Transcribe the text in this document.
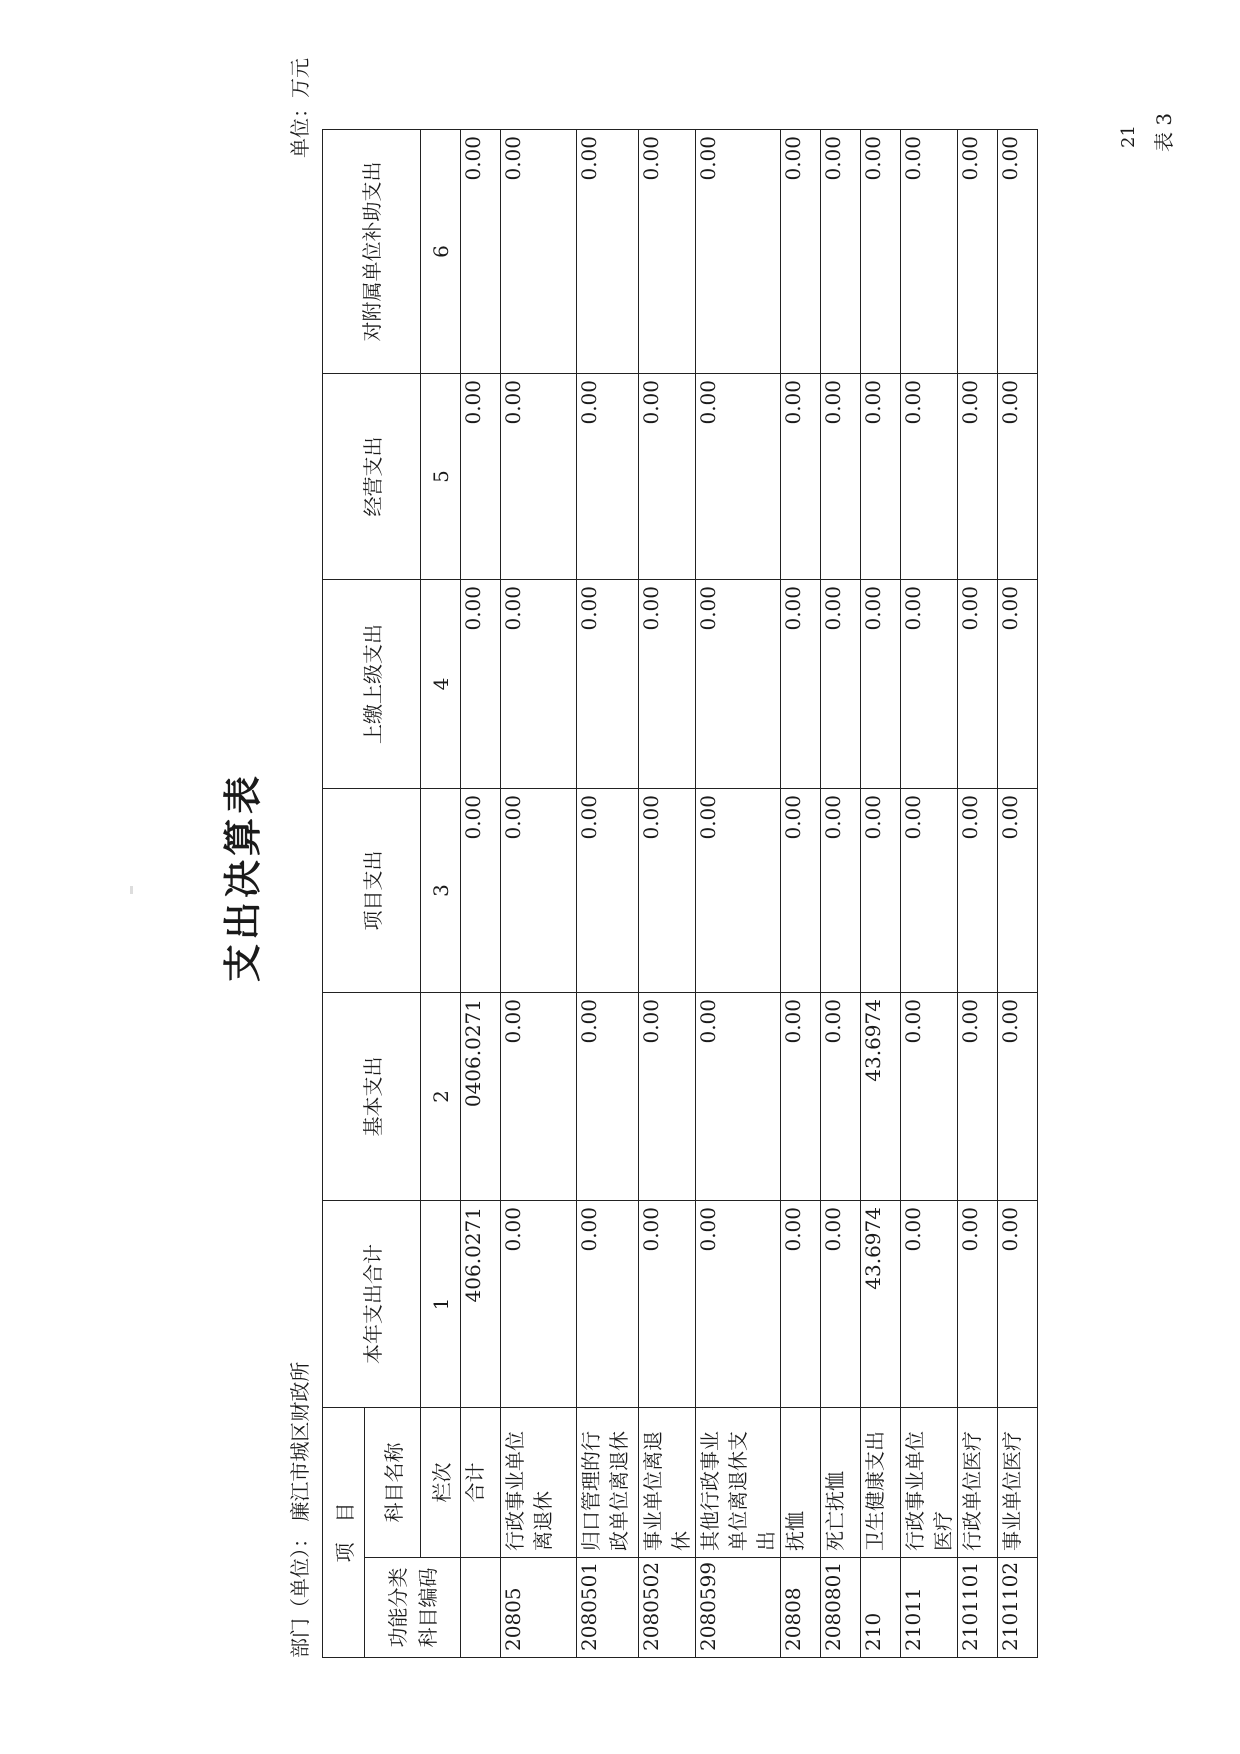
表 3
21
支出决算表
部门（单位）： 廉江市城区财政所
单位：万元
项　目		本年支出合计	基本支出	项目支出	上缴上级支出	经营支出	对附属单位补助支出
功能分类科目编码	科目名称						
	栏次	1	2	3	4	5	6
	合计	406.0271	0406.0271	0.00	0.00	0.00	0.00
20805	行政事业单位离退休	0.00	0.00	0.00	0.00	0.00	0.00
2080501	归口管理的行政单位离退休	0.00	0.00	0.00	0.00	0.00	0.00
2080502	事业单位离退休	0.00	0.00	0.00	0.00	0.00	0.00
2080599	其他行政事业单位离退休支出	0.00	0.00	0.00	0.00	0.00	0.00
20808	抚恤	0.00	0.00	0.00	0.00	0.00	0.00
2080801	死亡抚恤	0.00	0.00	0.00	0.00	0.00	0.00
210	卫生健康支出	43.6974	43.6974	0.00	0.00	0.00	0.00
21011	行政事业单位医疗	0.00	0.00	0.00	0.00	0.00	0.00
2101101	行政单位医疗	0.00	0.00	0.00	0.00	0.00	0.00
2101102	事业单位医疗	0.00	0.00	0.00	0.00	0.00	0.00
